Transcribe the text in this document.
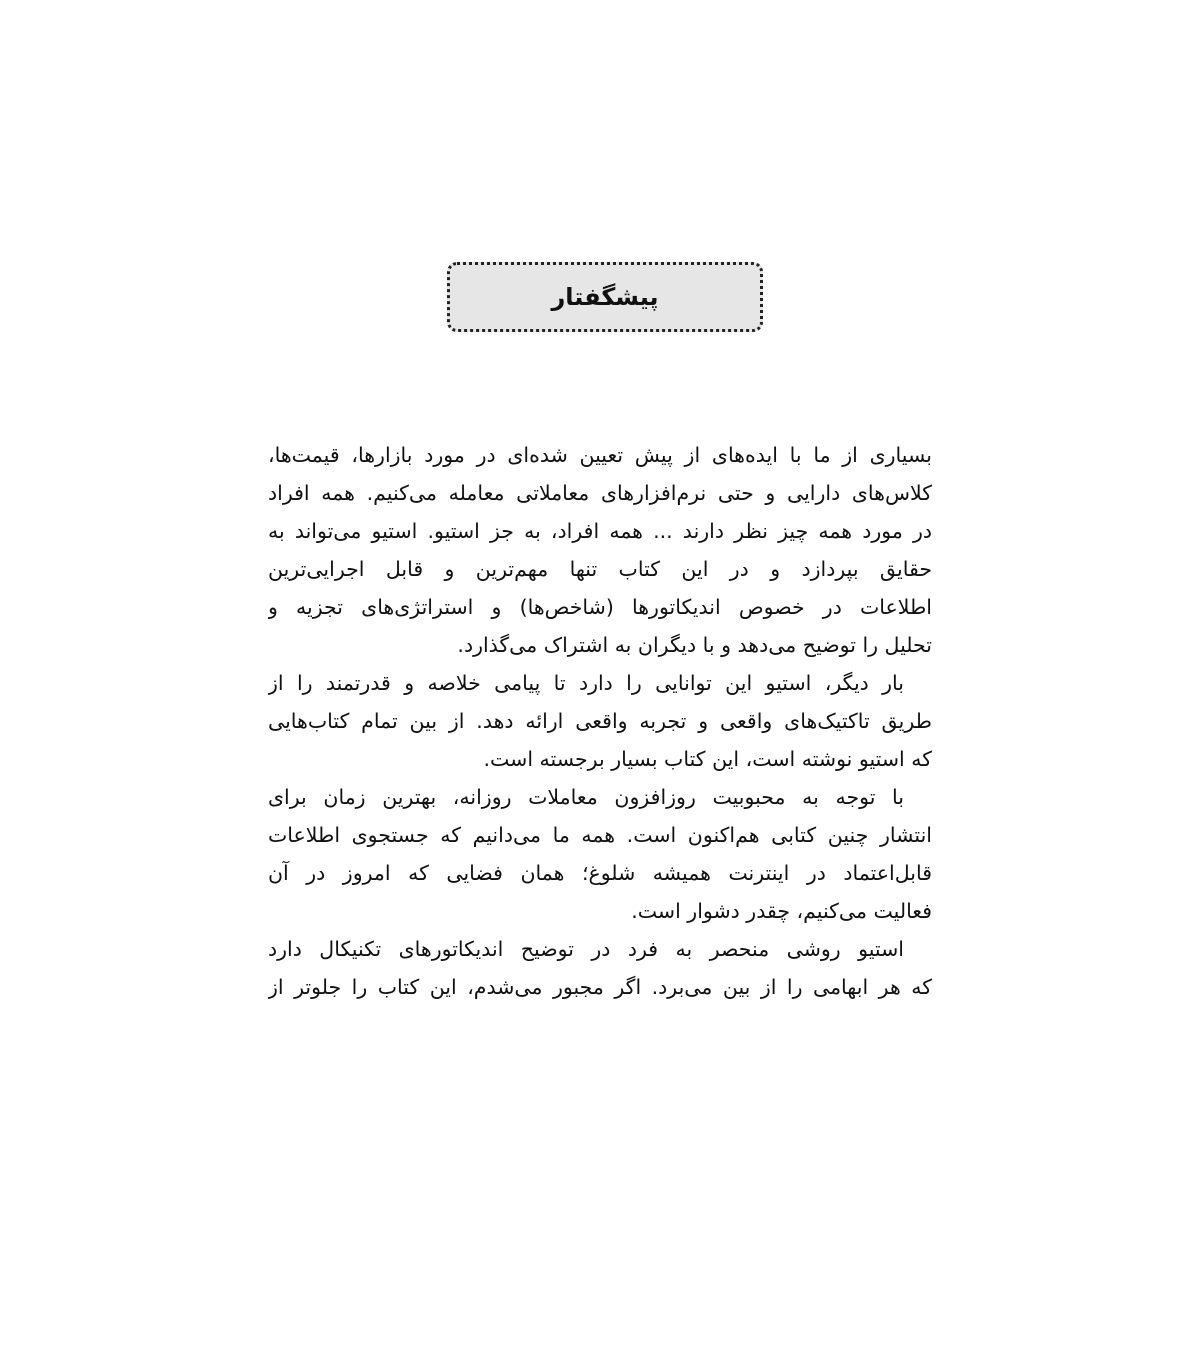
پیشگفتار
بسیاری از ما با ایده‌های از پیش تعیین شده‌ای در مورد بازارها، قیمت‌ها،
کلاس‌های دارایی و حتی نرم‌افزارهای معاملاتی معامله می‌کنیم. همه افراد
در مورد همه چیز نظر دارند ... همه افراد، به جز استیو. استیو می‌تواند به
حقایق بپردازد و در این کتاب تنها مهم‌ترین و قابل اجرایی‌ترین
اطلاعات در خصوص اندیکاتورها (شاخص‌ها) و استراتژی‌های تجزیه و
تحلیل را توضیح می‌دهد و با دیگران به اشتراک می‌گذارد.
بار دیگر، استیو این توانایی را دارد تا پیامی خلاصه و قدرتمند را از
طریق تاکتیک‌های واقعی و تجربه واقعی ارائه دهد. از بین تمام کتاب‌هایی
که استیو نوشته است، این کتاب بسیار برجسته است.
با توجه به محبوبیت روزافزون معاملات روزانه، بهترین زمان برای
انتشار چنین کتابی هم‌اکنون است. همه ما می‌دانیم که جستجوی اطلاعات
قابل‌اعتماد در اینترنت همیشه شلوغ؛ همان فضایی که امروز در آن
فعالیت می‌کنیم، چقدر دشوار است.
استیو روشی منحصر به فرد در توضیح اندیکاتورهای تکنیکال دارد
که هر ابهامی را از بین می‌برد. اگر مجبور می‌شدم، این کتاب را جلوتر از
